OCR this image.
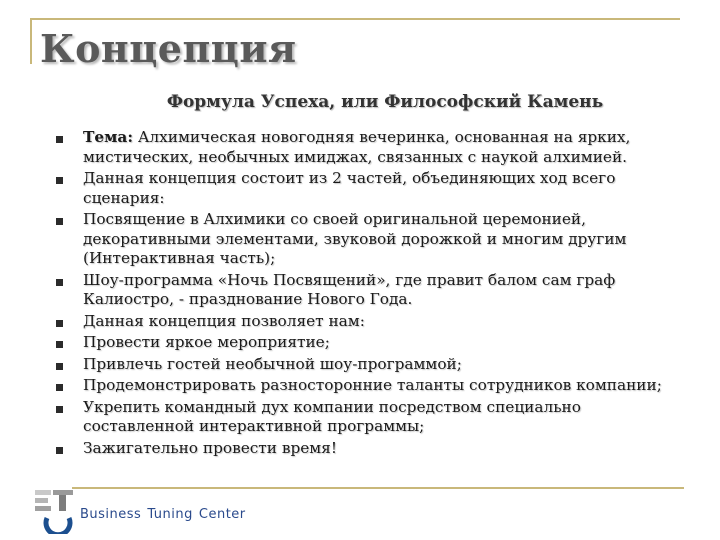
Концепция
Формула Успеха, или Философский Камень
Тема: Алхимическая новогодняя вечеринка, основанная на ярких, мистических, необычных имиджах, связанных с наукой алхимией.
Данная концепция состоит из 2 частей, объединяющих ход всего сценария:
Посвящение в Алхимики со своей оригинальной церемонией, декоративными элементами, звуковой дорожкой и многим другим (Интерактивная часть);
Шоу-программа «Ночь Посвящений», где правит балом сам граф Калиостро, - празднование Нового Года.
Данная концепция позволяет нам:
Провести яркое мероприятие;
Привлечь гостей необычной шоу-программой;
Продемонстрировать разносторонние таланты сотрудников компании;
Укрепить командный дух компании посредством специально составленной интерактивной программы;
Зажигательно провести время!
Business Tuning Center
